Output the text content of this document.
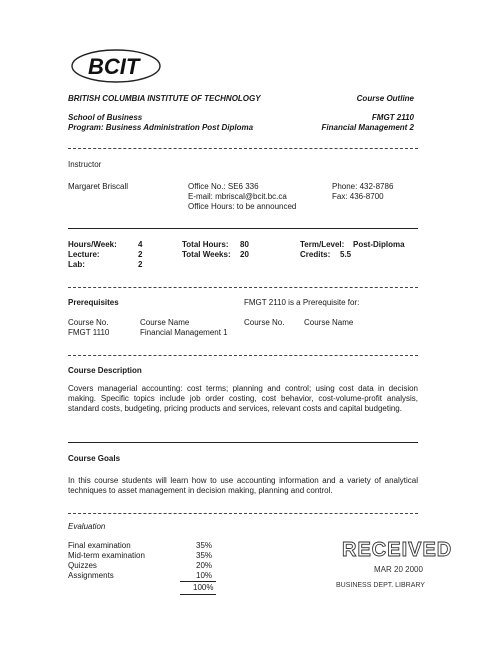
BCIT
BRITISH COLUMBIA INSTITUTE OF TECHNOLOGY	Course Outline
School of Business
Program: Business Administration Post Diploma
FMGT 2110
Financial Management 2
Instructor
Margaret Briscall	Office No.: SE6 336
E-mail: mbriscal@bcit.bc.ca
Office Hours: to be announced
Phone: 432-8786
Fax: 436-8700
Hours/Week:	4
Lecture:	2
Lab:	2
Total Hours: 80
Total Weeks: 20
Term/Level: Post-Diploma
Credits: 5.5
Prerequisites	FMGT 2110 is a Prerequisite for:
Course No.	Course Name	Course No. Course Name
FMGT 1110	Financial Management 1
Course Description
Covers managerial accounting: cost terms; planning and control; using cost data in decision making. Specific topics include job order costing, cost behavior, cost-volume-profit analysis, standard costs, budgeting, pricing products and services, relevant costs and capital budgeting.
Course Goals
In this course students will learn how to use accounting information and a variety of analytical techniques to asset management in decision making, planning and control.
Evaluation
Final examination	35%
Mid-term examination	35%
Quizzes	20%
Assignments	10%
100%
RECEIVED
MAR 20 2000
BUSINESS DEPT. LIBRARY
